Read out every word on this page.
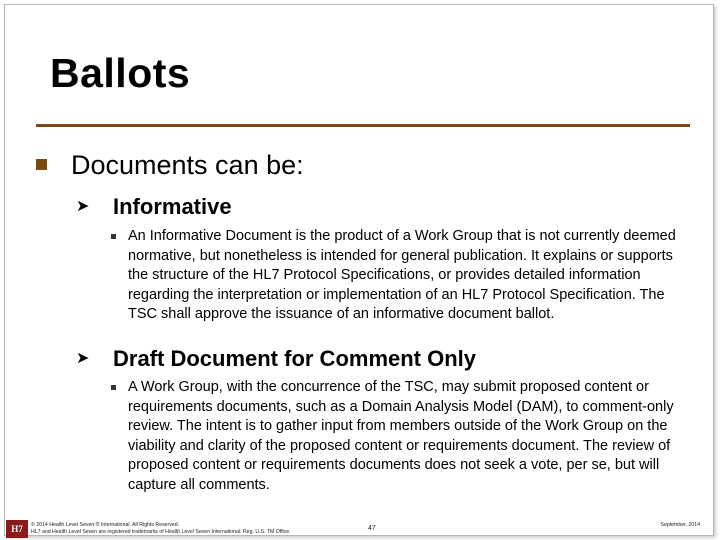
Ballots
Documents can be:
➤ Informative
An Informative Document is the product of a Work Group that is not currently deemed normative, but nonetheless is intended for general publication. It explains or supports the structure of the HL7 Protocol Specifications, or provides detailed information regarding the interpretation or implementation of an HL7 Protocol Specification. The TSC shall approve the issuance of an informative document ballot.
➤ Draft Document for Comment Only
A Work Group, with the concurrence of the TSC, may submit proposed content or requirements documents, such as a Domain Analysis Model (DAM), to comment-only review. The intent is to gather input from members outside of the Work Group on the viability and clarity of the proposed content or requirements document. The review of proposed content or requirements documents does not seek a vote, per se, but will capture all comments.
H7	© 2014 Health Level Seven ® International. All Rights Reserved.
HL7 and Health Level Seven are registered trademarks of Health Level Seven International. Reg. U.S. TM Office.	47	September, 2014
